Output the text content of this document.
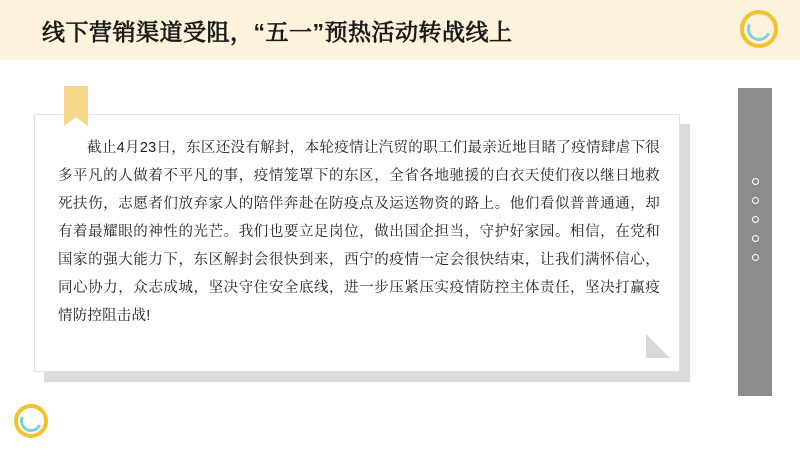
线下营销渠道受阻，“五一”预热活动转战线上
截止4月23日，东区还没有解封，本轮疫情让汽贸的职工们最亲近地目睹了疫情肆虐下很多平凡的人做着不平凡的事，疫情笼罩下的东区，全省各地驰援的白衣天使们夜以继日地救死扶伤，志愿者们放弃家人的陪伴奔赴在防疫点及运送物资的路上。他们看似普普通通，却有着最耀眼的神性的光芒。我们也要立足岗位，做出国企担当，守护好家园。相信，在党和国家的强大能力下，东区解封会很快到来，西宁的疫情一定会很快结束，让我们满怀信心，同心协力，众志成城，坚决守住安全底线，进一步压紧压实疫情防控主体责任，坚决打赢疫情防控阻击战!
